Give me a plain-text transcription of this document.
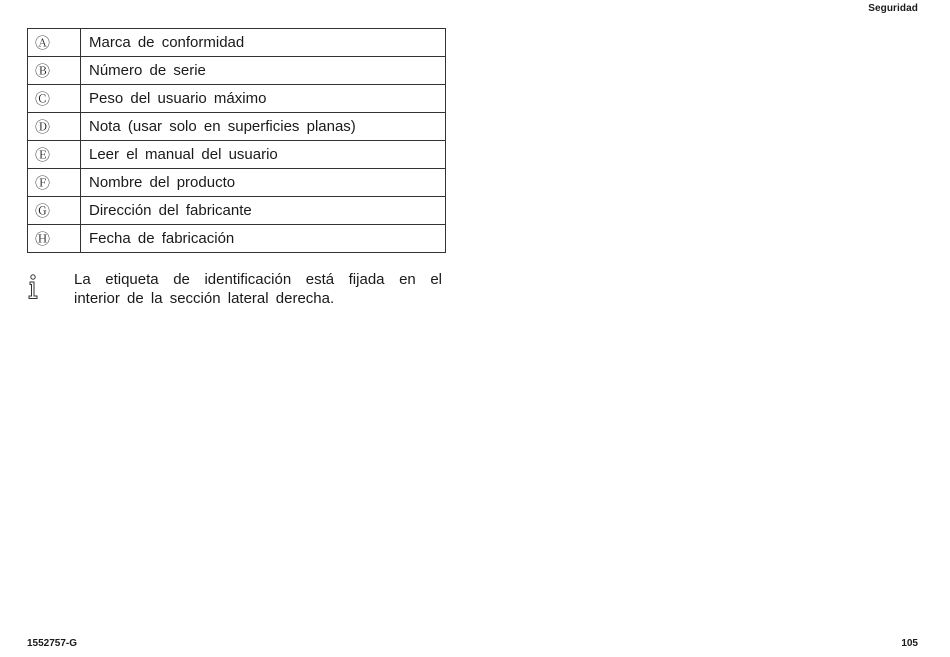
Seguridad
Ⓐ	Marca de conformidad
Ⓑ	Número de serie
Ⓒ	Peso del usuario máximo
Ⓓ	Nota (usar solo en superficies planas)
Ⓔ	Leer el manual del usuario
Ⓕ	Nombre del producto
Ⓖ	Dirección del fabricante
Ⓗ	Fecha de fabricación
La etiqueta de identificación está fijada en el interior de la sección lateral derecha.
1552757-G	105
